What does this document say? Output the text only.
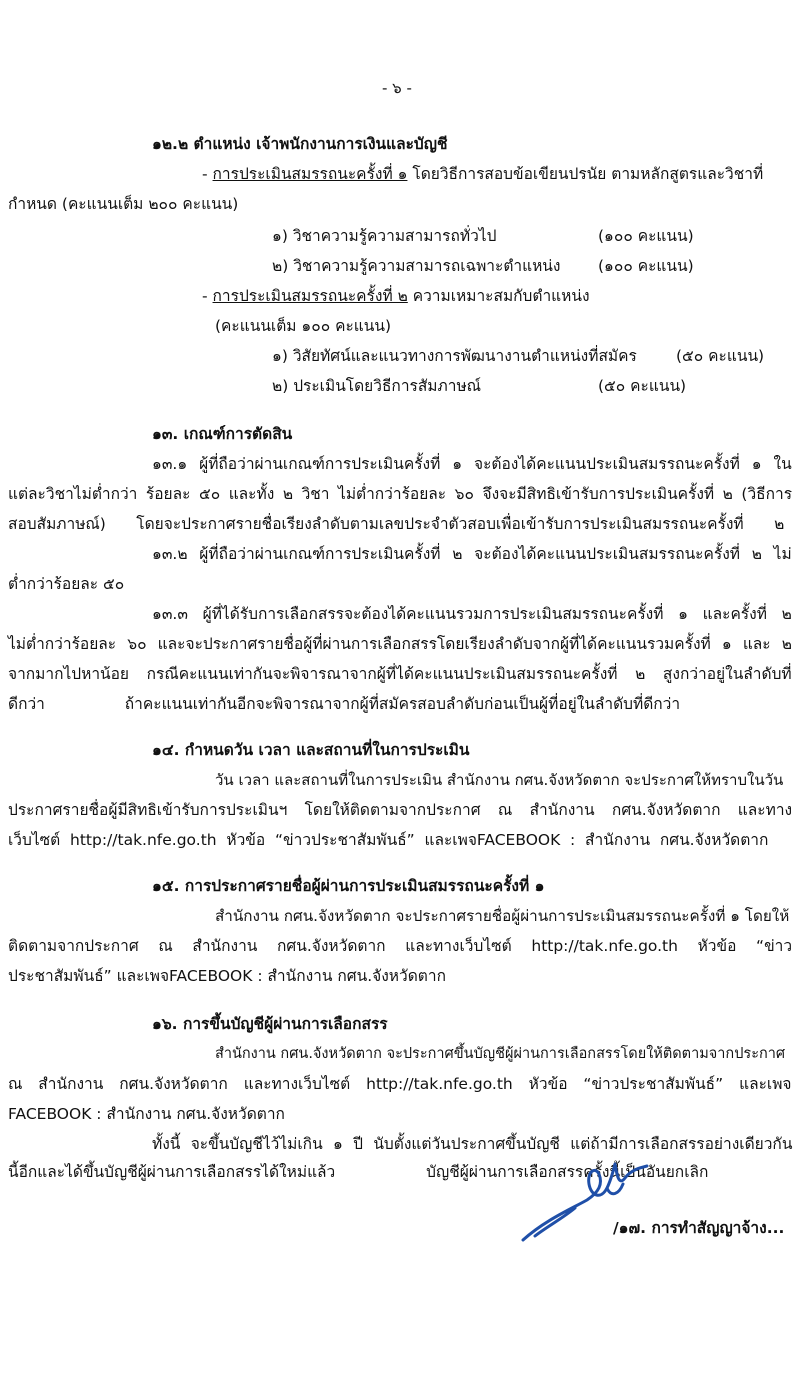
- ๖ -
๑๒.๒ ตำแหน่ง เจ้าพนักงานการเงินและบัญชี
- การประเมินสมรรถนะครั้งที่ ๑ โดยวิธีการสอบข้อเขียนปรนัย ตามหลักสูตรและวิชาที่
กำหนด (คะแนนเต็ม ๒๐๐ คะแนน)
๑) วิชาความรู้ความสามารถทั่วไป	(๑๐๐ คะแนน)
๒) วิชาความรู้ความสามารถเฉพาะตำแหน่ง (๑๐๐ คะแนน)
- การประเมินสมรรถนะครั้งที่ ๒ ความเหมาะสมกับตำแหน่ง
(คะแนนเต็ม ๑๐๐ คะแนน)
๑) วิสัยทัศน์และแนวทางการพัฒนางานตำแหน่งที่สมัคร	(๕๐ คะแนน)
๒) ประเมินโดยวิธีการสัมภาษณ์	(๕๐ คะแนน)
๑๓. เกณฑ์การตัดสิน
๑๓.๑ ผู้ที่ถือว่าผ่านเกณฑ์การประเมินครั้งที่ ๑ จะต้องได้คะแนนประเมินสมรรถนะครั้งที่ ๑ ใน
แต่ละวิชาไม่ต่ำกว่า ร้อยละ ๕๐ และทั้ง ๒ วิชา ไม่ต่ำกว่าร้อยละ ๖๐ จึงจะมีสิทธิเข้ารับการประเมินครั้งที่ ๒ (วิธีการ
สอบสัมภาษณ์) โดยจะประกาศรายชื่อเรียงลำดับตามเลขประจำตัวสอบเพื่อเข้ารับการประเมินสมรรถนะครั้งที่ ๒
๑๓.๒ ผู้ที่ถือว่าผ่านเกณฑ์การประเมินครั้งที่ ๒ จะต้องได้คะแนนประเมินสมรรถนะครั้งที่ ๒ ไม่
ต่ำกว่าร้อยละ ๕๐
๑๓.๓ ผู้ที่ได้รับการเลือกสรรจะต้องได้คะแนนรวมการประเมินสมรรถนะครั้งที่ ๑ และครั้งที่ ๒
ไม่ต่ำกว่าร้อยละ ๖๐ และจะประกาศรายชื่อผู้ที่ผ่านการเลือกสรรโดยเรียงลำดับจากผู้ที่ได้คะแนนรวมครั้งที่ ๑ และ ๒
จากมากไปหาน้อย กรณีคะแนนเท่ากันจะพิจารณาจากผู้ที่ได้คะแนนประเมินสมรรถนะครั้งที่ ๒ สูงกว่าอยู่ในลำดับที่
ดีกว่า ถ้าคะแนนเท่ากันอีกจะพิจารณาจากผู้ที่สมัครสอบลำดับก่อนเป็นผู้ที่อยู่ในลำดับที่ดีกว่า
๑๔. กำหนดวัน เวลา และสถานที่ในการประเมิน
วัน เวลา และสถานที่ในการประเมิน สำนักงาน กศน.จังหวัดตาก จะประกาศให้ทราบในวัน
ประกาศรายชื่อผู้มีสิทธิเข้ารับการประเมินฯ โดยให้ติดตามจากประกาศ ณ สำนักงาน กศน.จังหวัดตาก และทาง
เว็บไซต์ http://tak.nfe.go.th หัวข้อ “ข่าวประชาสัมพันธ์” และเพจFACEBOOK : สำนักงาน กศน.จังหวัดตาก
๑๕. การประกาศรายชื่อผู้ผ่านการประเมินสมรรถนะครั้งที่ ๑
สำนักงาน กศน.จังหวัดตาก จะประกาศรายชื่อผู้ผ่านการประเมินสมรรถนะครั้งที่ ๑ โดยให้
ติดตามจากประกาศ ณ สำนักงาน กศน.จังหวัดตาก และทางเว็บไซต์ http://tak.nfe.go.th หัวข้อ “ข่าว
ประชาสัมพันธ์” และเพจFACEBOOK : สำนักงาน กศน.จังหวัดตาก
๑๖. การขึ้นบัญชีผู้ผ่านการเลือกสรร
สำนักงาน กศน.จังหวัดตาก จะประกาศขึ้นบัญชีผู้ผ่านการเลือกสรรโดยให้ติดตามจากประกาศ
ณ สำนักงาน กศน.จังหวัดตาก และทางเว็บไซต์ http://tak.nfe.go.th หัวข้อ “ข่าวประชาสัมพันธ์” และเพจ
FACEBOOK : สำนักงาน กศน.จังหวัดตาก
ทั้งนี้ จะขึ้นบัญชีไว้ไม่เกิน ๑ ปี นับตั้งแต่วันประกาศขึ้นบัญชี แต่ถ้ามีการเลือกสรรอย่างเดียวกัน
นี้อีกและได้ขึ้นบัญชีผู้ผ่านการเลือกสรรได้ใหม่แล้ว บัญชีผู้ผ่านการเลือกสรรครั้งนี้เป็นอันยกเลิก
/๑๗. การทำสัญญาจ้าง...
